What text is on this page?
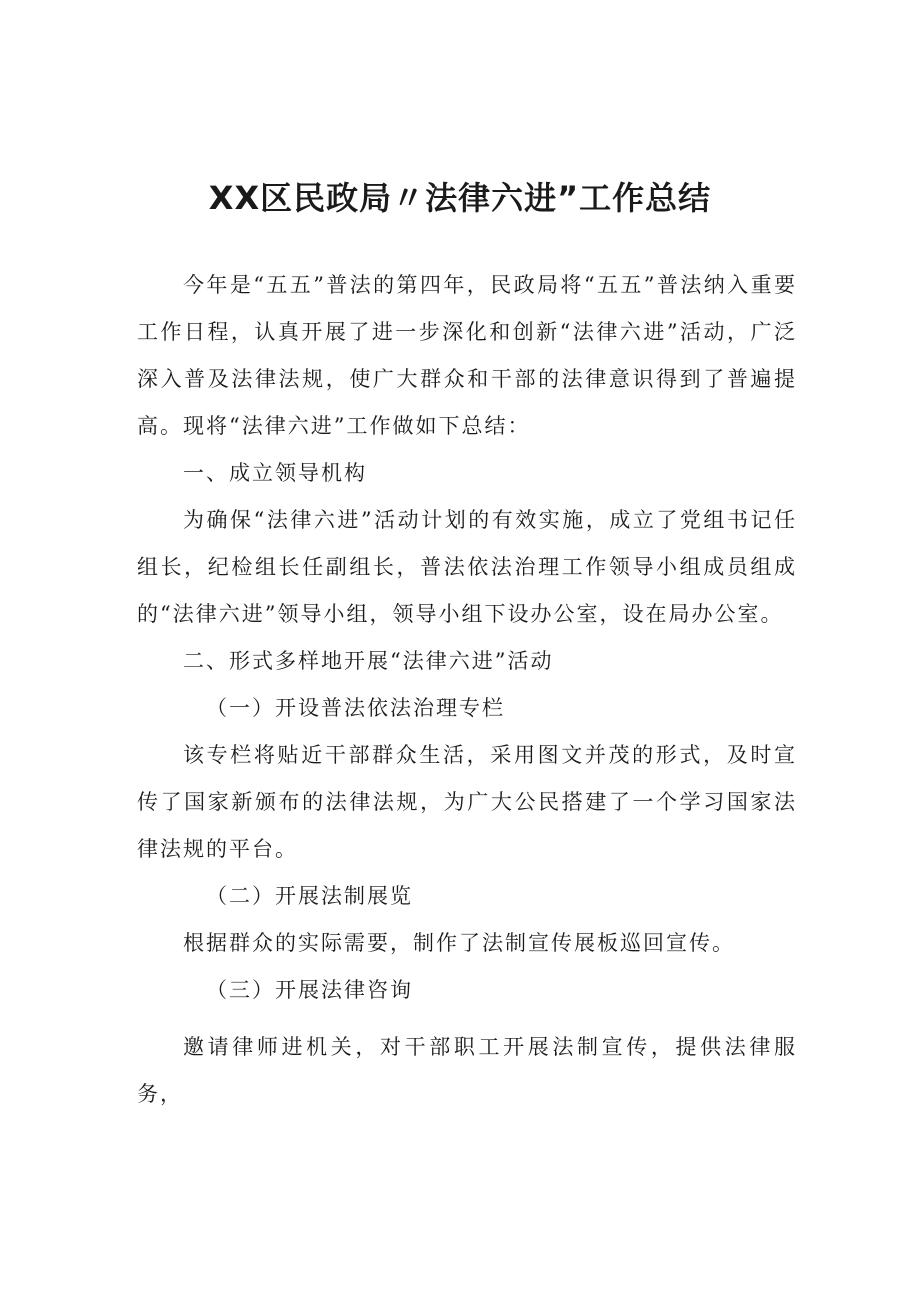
XX区民政局〃法律六进”工作总结

今年是“五五”普法的第四年，民政局将“五五”普法纳入重要工作日程，认真开展了进一步深化和创新“法律六进”活动，广泛深入普及法律法规，使广大群众和干部的法律意识得到了普遍提高。现将“法律六进”工作做如下总结：

一、成立领导机构

为确保“法律六进”活动计划的有效实施，成立了党组书记任组长，纪检组长任副组长，普法依法治理工作领导小组成员组成的“法律六进”领导小组，领导小组下设办公室，设在局办公室。

二、形式多样地开展“法律六进”活动

（一）开设普法依法治理专栏

该专栏将贴近干部群众生活，采用图文并茂的形式，及时宣传了国家新颁布的法律法规，为广大公民搭建了一个学习国家法律法规的平台。

（二）开展法制展览

根据群众的实际需要，制作了法制宣传展板巡回宣传。

（三）开展法律咨询

邀请律师进机关，对干部职工开展法制宣传，提供法律服务，
